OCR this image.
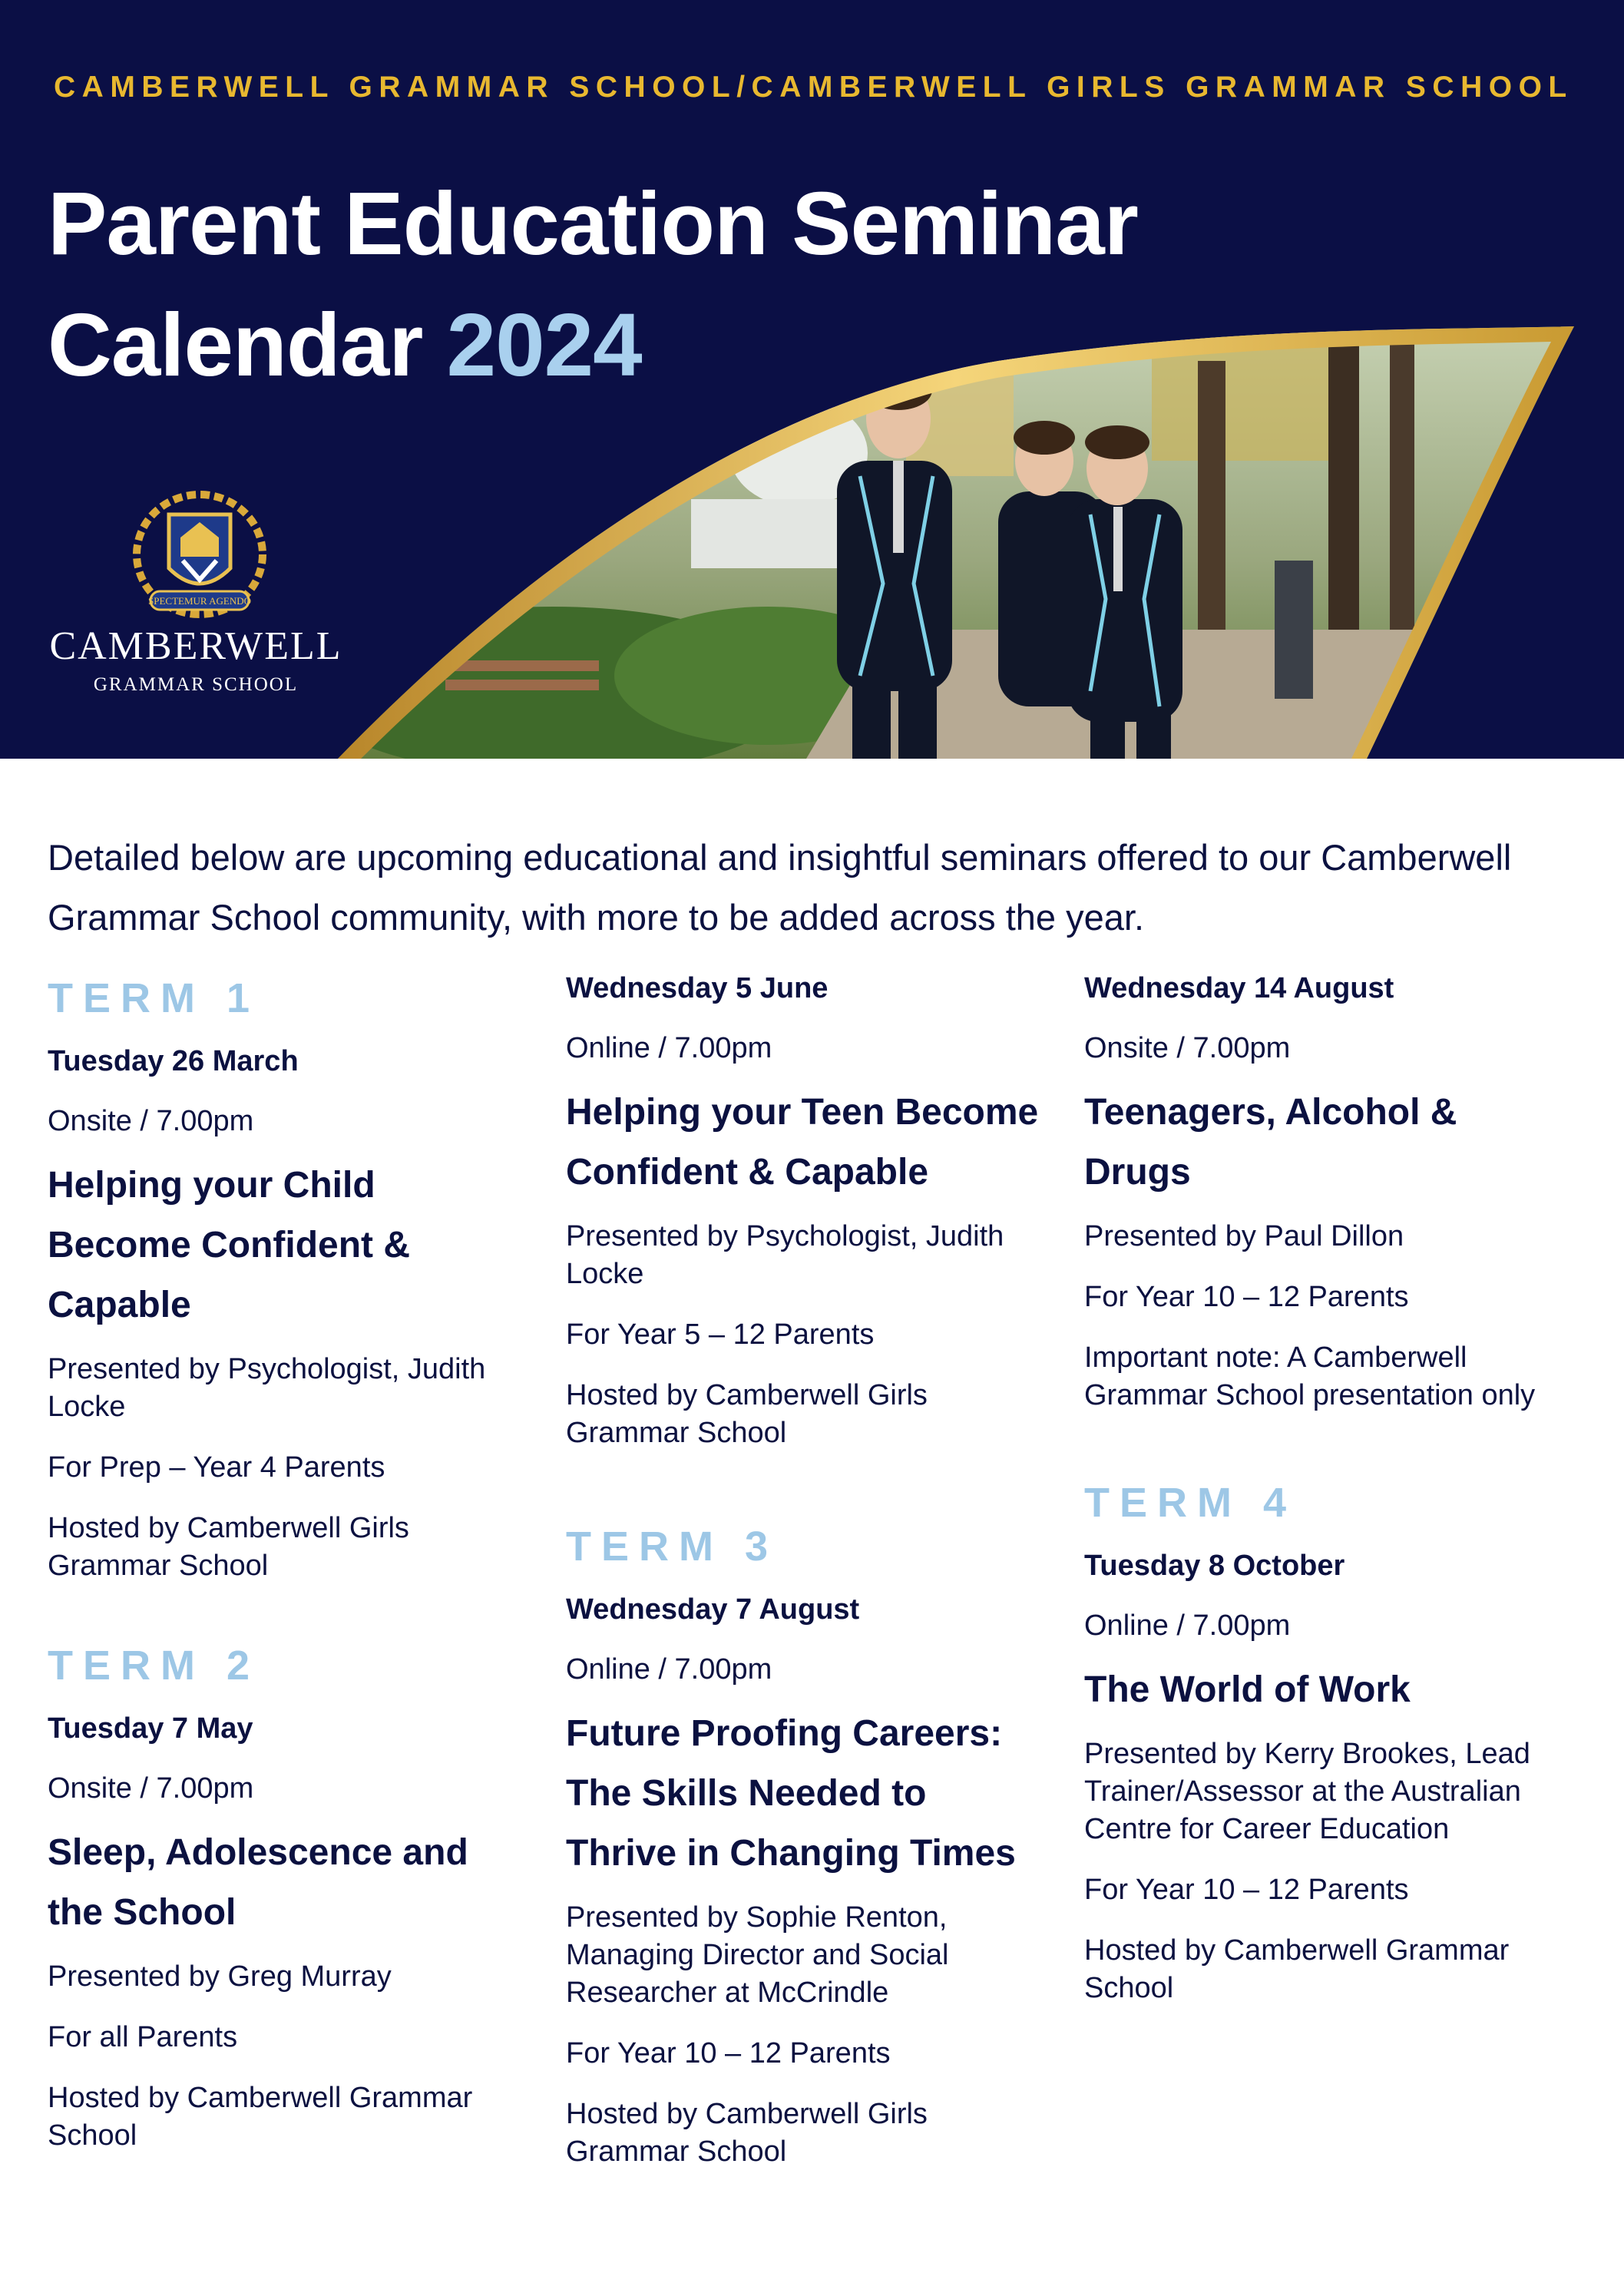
CAMBERWELL GRAMMAR SCHOOL/CAMBERWELL GIRLS GRAMMAR SCHOOL
Parent Education Seminar
Calendar 2024
SPECTEMUR AGENDO
CAMBERWELL
GRAMMAR SCHOOL
Detailed below are upcoming educational and insightful seminars offered to our Camberwell Grammar School community, with more to be added across the year.
TERM 1
Tuesday 26 March
Onsite / 7.00pm
Helping your Child Become Confident & Capable
Presented by Psychologist, Judith Locke
For Prep – Year 4 Parents
Hosted by Camberwell Girls Grammar School
TERM 2
Tuesday 7 May
Onsite / 7.00pm
Sleep, Adolescence and the School
Presented by Greg Murray
For all Parents
Hosted by Camberwell Grammar School
Wednesday 5 June
Online / 7.00pm
Helping your Teen Become Confident & Capable
Presented by Psychologist, Judith Locke
For Year 5 – 12 Parents
Hosted by Camberwell Girls Grammar School
TERM 3
Wednesday 7 August
Online / 7.00pm
Future Proofing Careers: The Skills Needed to Thrive in Changing Times
Presented by Sophie Renton, Managing Director and Social Researcher at McCrindle
For Year 10 – 12 Parents
Hosted by Camberwell Girls Grammar School
Wednesday 14 August
Onsite / 7.00pm
Teenagers, Alcohol & Drugs
Presented by Paul Dillon
For Year 10 – 12 Parents
Important note: A Camberwell Grammar School presentation only
TERM 4
Tuesday 8 October
Online / 7.00pm
The World of Work
Presented by Kerry Brookes, Lead Trainer/Assessor at the Australian Centre for Career Education
For Year 10 – 12 Parents
Hosted by Camberwell Grammar School
